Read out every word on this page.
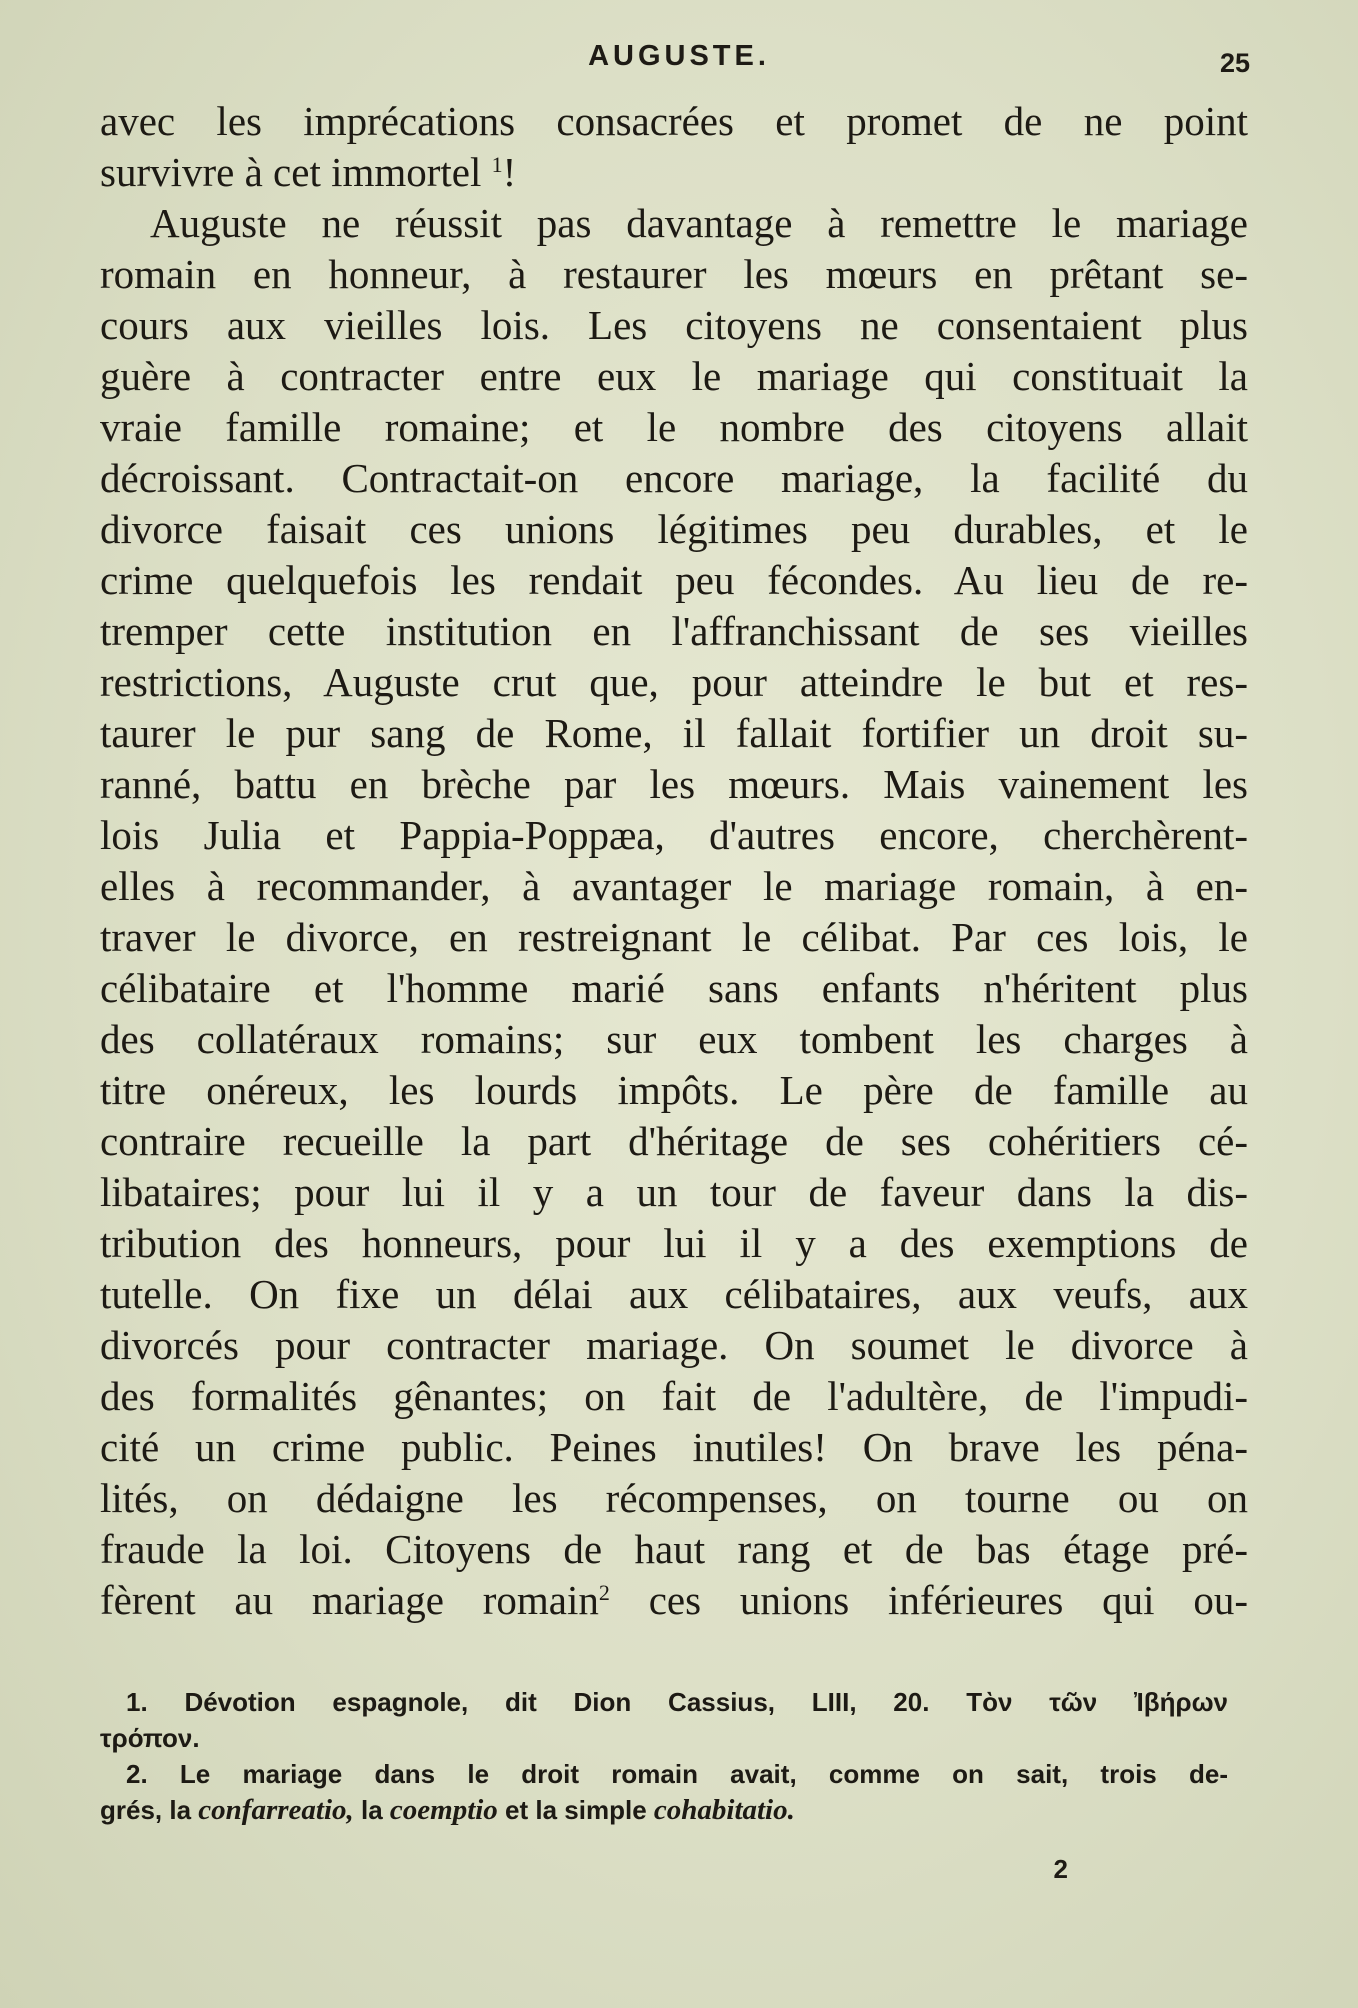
AUGUSTE.	25
avec les imprécations consacrées et promet de ne point
survivre à cet immortel $^1$!
Auguste ne réussit pas davantage à remettre le mariage
romain en honneur, à restaurer les mœurs en prêtant se-
cours aux vieilles lois. Les citoyens ne consentaient plus
guère à contracter entre eux le mariage qui constituait la
vraie famille romaine; et le nombre des citoyens allait
décroissant. Contractait-on encore mariage, la facilité du
divorce faisait ces unions légitimes peu durables, et le
crime quelquefois les rendait peu fécondes. Au lieu de re-
tremper cette institution en l'affranchissant de ses vieilles
restrictions, Auguste crut que, pour atteindre le but et res-
taurer le pur sang de Rome, il fallait fortifier un droit su-
ranné, battu en brèche par les mœurs. Mais vainement les
lois Julia et Pappia-Poppæa, d'autres encore, cherchèrent-
elles à recommander, à avantager le mariage romain, à en-
traver le divorce, en restreignant le célibat. Par ces lois, le
célibataire et l'homme marié sans enfants n'héritent plus
des collatéraux romains; sur eux tombent les charges à
titre onéreux, les lourds impôts. Le père de famille au
contraire recueille la part d'héritage de ses cohéritiers cé-
libataires; pour lui il y a un tour de faveur dans la dis-
tribution des honneurs, pour lui il y a des exemptions de
tutelle. On fixe un délai aux célibataires, aux veufs, aux
divorcés pour contracter mariage. On soumet le divorce à
des formalités gênantes; on fait de l'adultère, de l'impudi-
cité un crime public. Peines inutiles! On brave les péna-
lités, on dédaigne les récompenses, on tourne ou on
fraude la loi. Citoyens de haut rang et de bas étage pré-
fèrent au mariage romain$^2$ ces unions inférieures qui ou-
1. Dévotion espagnole, dit Dion Cassius, LIII, 20. Τὸν τῶν Ἰβήρων
τρόπον.
2. Le mariage dans le droit romain avait, comme on sait, trois de-
grés, la confarreatio, la coemptio et la simple cohabitatio.
2
